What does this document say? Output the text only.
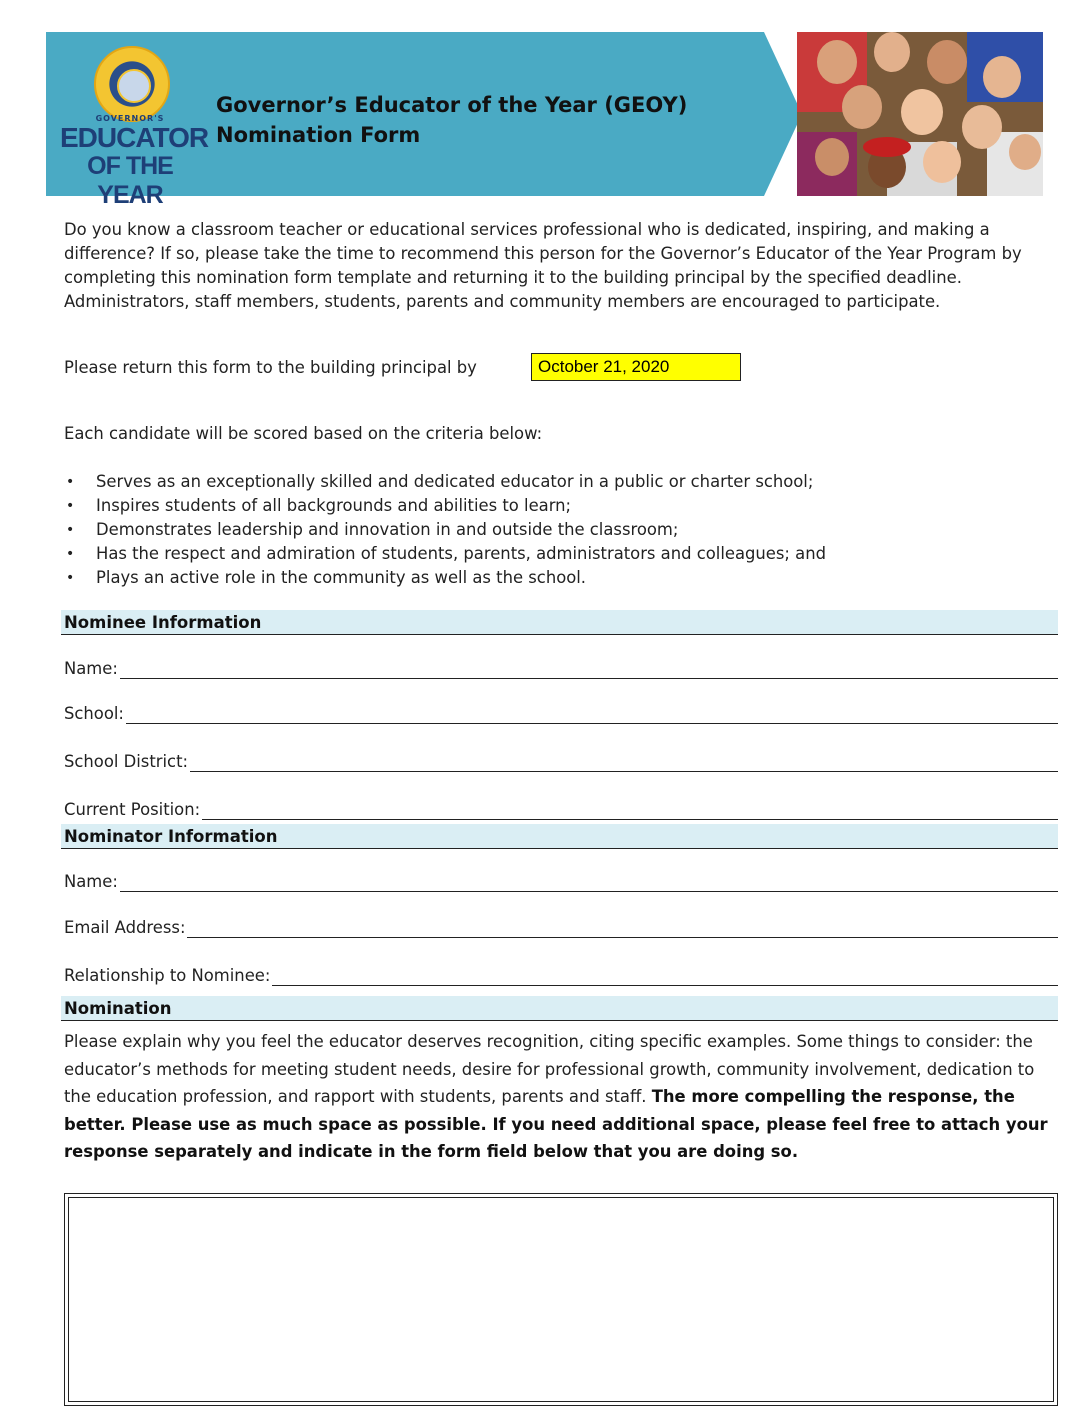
GOVERNOR'S
EDUCATOR
OF THE YEAR
Governor’s Educator of the Year (GEOY)
Nomination Form
Do you know a classroom teacher or educational services professional who is dedicated, inspiring, and making a difference? If so, please take the time to recommend this person for the Governor’s Educator of the Year Program by completing this nomination form template and returning it to the building principal by the specified deadline. Administrators, staff members, students, parents and community members are encouraged to participate.
Please return this form to the building principal by	October 21, 2020
Each candidate will be scored based on the criteria below:
• Serves as an exceptionally skilled and dedicated educator in a public or charter school;
• Inspires students of all backgrounds and abilities to learn;
• Demonstrates leadership and innovation in and outside the classroom;
• Has the respect and admiration of students, parents, administrators and colleagues; and
• Plays an active role in the community as well as the school.
Nominee Information
Name:
School:
School District:
Current Position:
Nominator Information
Name:
Email Address:
Relationship to Nominee:
Nomination
Please explain why you feel the educator deserves recognition, citing specific examples. Some things to consider: the educator’s methods for meeting student needs, desire for professional growth, community involvement, dedication to the education profession, and rapport with students, parents and staff. The more compelling the response, the better. Please use as much space as possible. If you need additional space, please feel free to attach your response separately and indicate in the form field below that you are doing so.
